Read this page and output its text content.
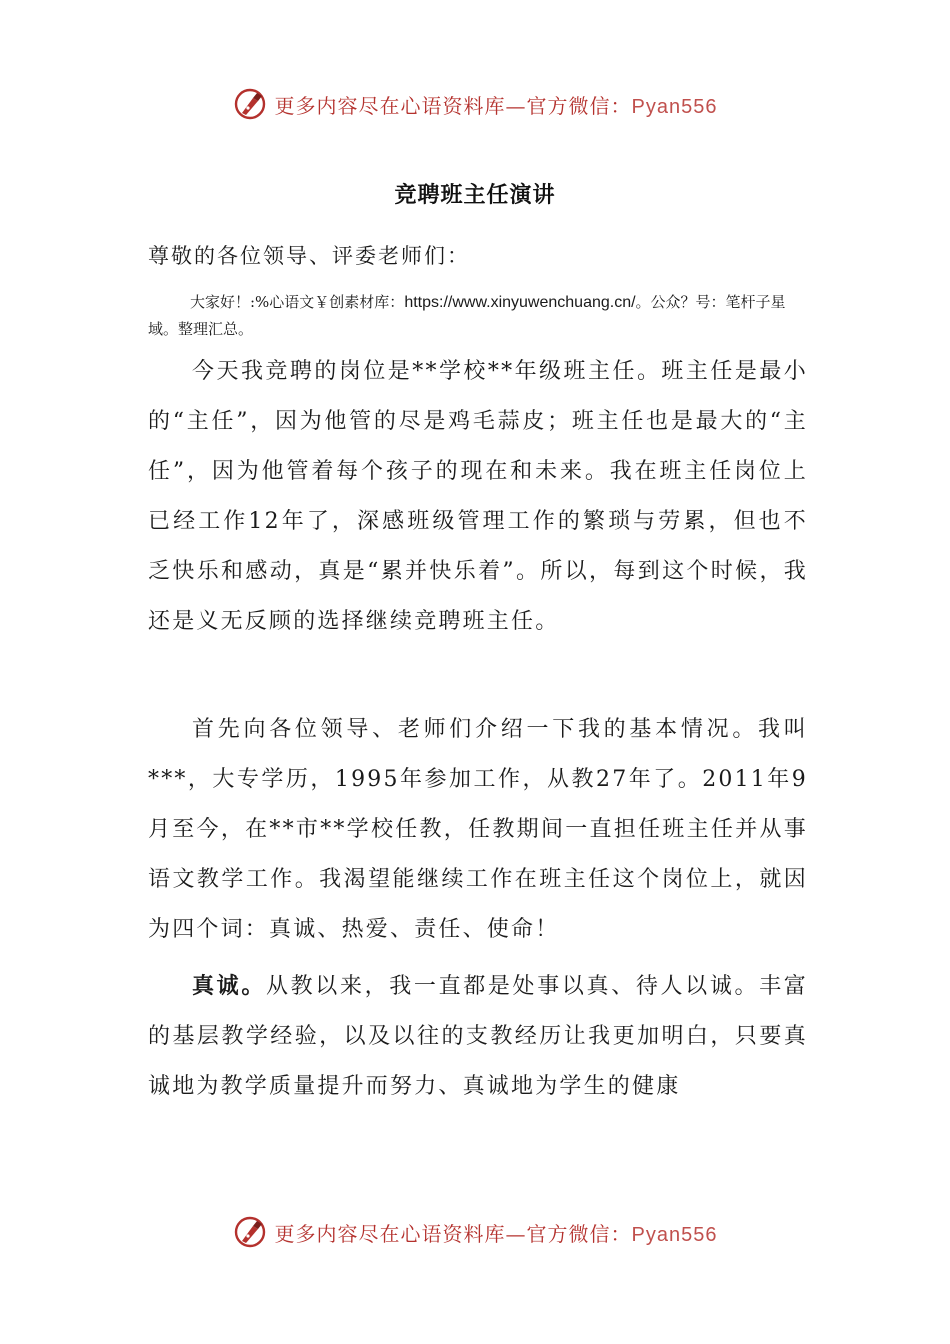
更多内容尽在心语资料库—官方微信：Pyan556
竞聘班主任演讲
尊敬的各位领导、评委老师们：
大家好！:%心语文￥创素材库：https://www.xinyuwenchuang.cn/。公众？号：笔杆子星域。整理汇总。

今天我竞聘的岗位是**学校**年级班主任。班主任是最小的“主任”，因为他管的尽是鸡毛蒜皮；班主任也是最大的“主任”，因为他管着每个孩子的现在和未来。我在班主任岗位上已经工作12年了，深感班级管理工作的繁琐与劳累，但也不乏快乐和感动，真是“累并快乐着”。所以，每到这个时候，我还是义无反顾的选择继续竞聘班主任。

首先向各位领导、老师们介绍一下我的基本情况。我叫***，大专学历，1995年参加工作，从教27年了。2011年9月至今，在**市**学校任教，任教期间一直担任班主任并从事语文教学工作。我渴望能继续工作在班主任这个岗位上，就因为四个词：真诚、热爱、责任、使命！

真诚。从教以来，我一直都是处事以真、待人以诚。丰富的基层教学经验，以及以往的支教经历让我更加明白，只要真诚地为教学质量提升而努力、真诚地为学生的健康

更多内容尽在心语资料库—官方微信：Pyan556
